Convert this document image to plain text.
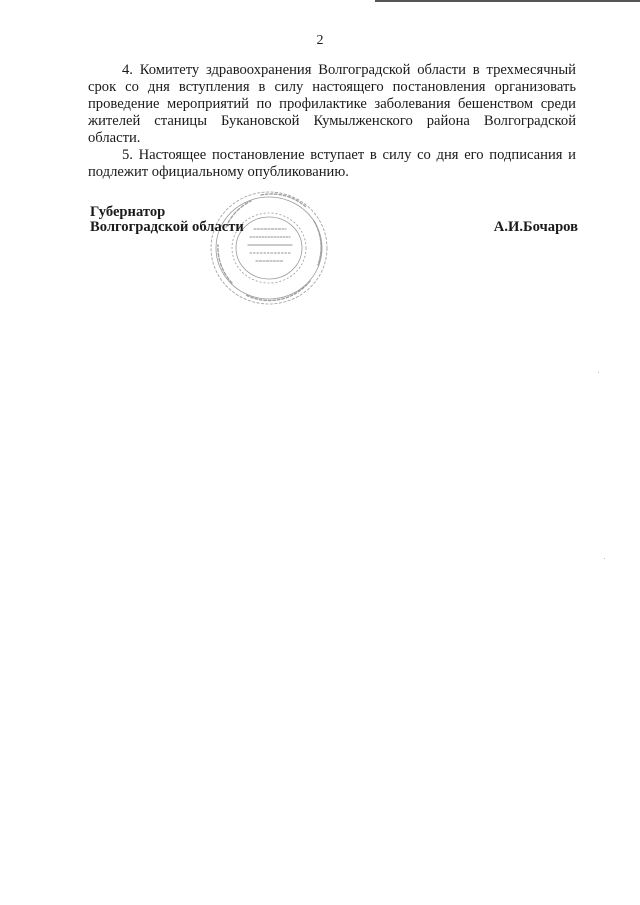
2

4. Комитету здравоохранения Волгоградской области в трехмесячный срок со дня вступления в силу настоящего постановления организовать проведение мероприятий по профилактике заболевания бешенством среди жителей станицы Букановской Кумылженского района Волгоградской области.

5. Настоящее постановление вступает в силу со дня его подписания и подлежит официальному опубликованию.

Губернатор
Волгоградской области	А.И.Бочаров
